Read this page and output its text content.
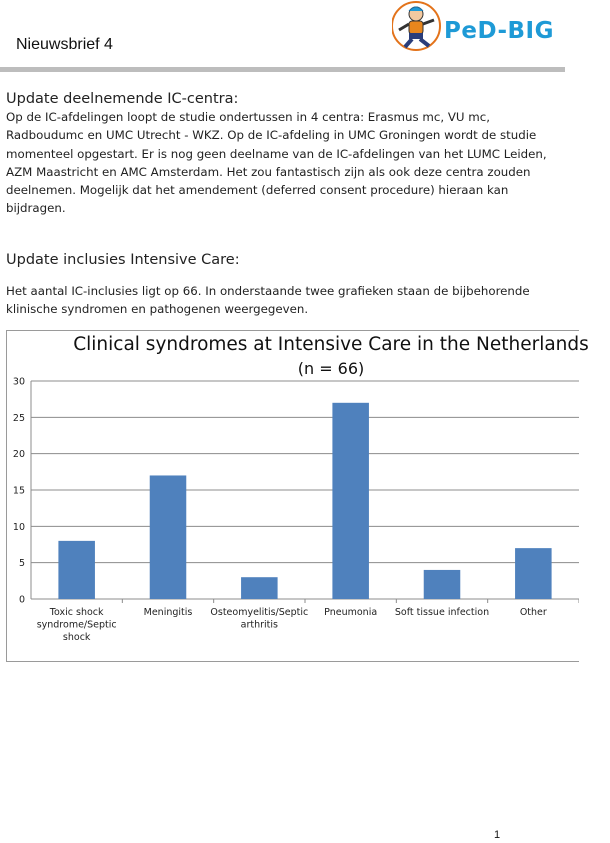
Nieuwsbrief 4
PeD-BIG
Update deelnemende IC-centra:
Op de IC-afdelingen loopt de studie ondertussen in 4 centra: Erasmus mc, VU mc,
Radboudumc en UMC Utrecht - WKZ. Op de IC-afdeling in UMC Groningen wordt de studie
momenteel opgestart. Er is nog geen deelname van de IC-afdelingen van het LUMC Leiden,
AZM Maastricht en AMC Amsterdam. Het zou fantastisch zijn als ook deze centra zouden
deelnemen. Mogelijk dat het amendement (deferred consent procedure) hieraan kan
bijdragen.
Update inclusies Intensive Care:
Het aantal IC-inclusies ligt op 66. In onderstaande twee grafieken staan de bijbehorende
klinische syndromen en pathogenen weergegeven.
Clinical syndromes at Intensive Care in the Netherlands
(n = 66)
0
5
10
15
20
25
30
Toxic shock
syndrome/Septic
shock
Meningitis Osteomyelitis/Septic
arthritis
Pneumonia Soft tissue infection	Other
1
